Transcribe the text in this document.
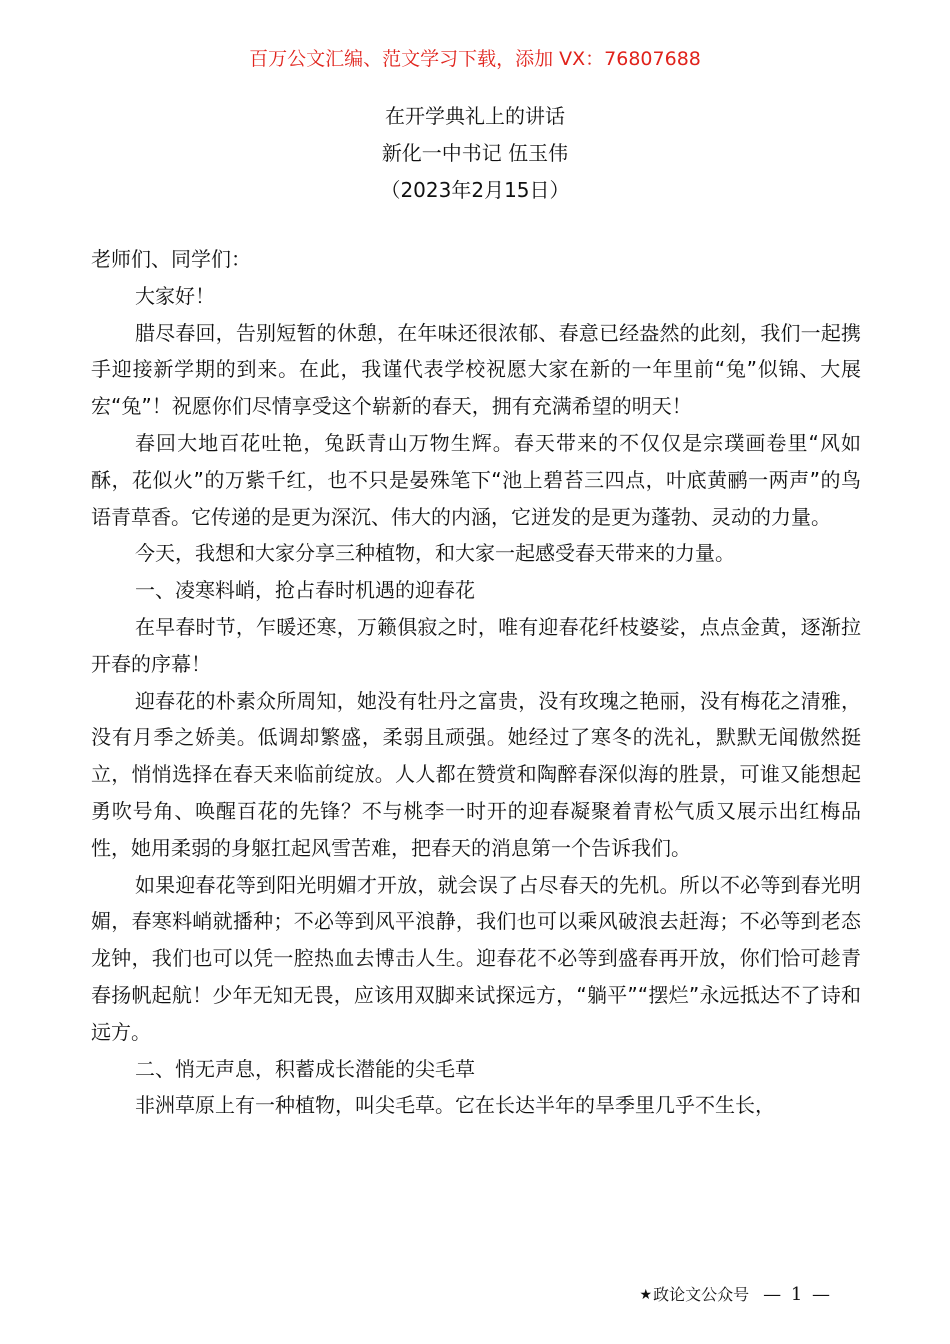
百万公文汇编、范文学习下载，添加 VX：76807688
在开学典礼上的讲话
新化一中书记 伍玉伟
（2023年2月15日）

老师们、同学们：

大家好！

腊尽春回，告别短暂的休憩，在年味还很浓郁、春意已经盎然的此刻，我们一起携手迎接新学期的到来。在此，我谨代表学校祝愿大家在新的一年里前“兔”似锦、大展宏“兔”！祝愿你们尽情享受这个崭新的春天，拥有充满希望的明天！

春回大地百花吐艳，兔跃青山万物生辉。春天带来的不仅仅是宗璞画卷里“风如酥，花似火”的万紫千红，也不只是晏殊笔下“池上碧苔三四点，叶底黄鹂一两声”的鸟语青草香。它传递的是更为深沉、伟大的内涵，它迸发的是更为蓬勃、灵动的力量。

今天，我想和大家分享三种植物，和大家一起感受春天带来的力量。

一、凌寒料峭，抢占春时机遇的迎春花

在早春时节，乍暖还寒，万籁俱寂之时，唯有迎春花纤枝婆娑，点点金黄，逐渐拉开春的序幕！

迎春花的朴素众所周知，她没有牡丹之富贵，没有玫瑰之艳丽，没有梅花之清雅，没有月季之娇美。低调却繁盛，柔弱且顽强。她经过了寒冬的洗礼，默默无闻傲然挺立，悄悄选择在春天来临前绽放。人人都在赞赏和陶醉春深似海的胜景，可谁又能想起勇吹号角、唤醒百花的先锋？不与桃李一时开的迎春凝聚着青松气质又展示出红梅品性，她用柔弱的身躯扛起风雪苦难，把春天的消息第一个告诉我们。

如果迎春花等到阳光明媚才开放，就会误了占尽春天的先机。所以不必等到春光明媚，春寒料峭就播种；不必等到风平浪静，我们也可以乘风破浪去赶海；不必等到老态龙钟，我们也可以凭一腔热血去博击人生。迎春花不必等到盛春再开放，你们恰可趁青春扬帆起航！少年无知无畏，应该用双脚来试探远方，“躺平”“摆烂”永远抵达不了诗和远方。

二、悄无声息，积蓄成长潜能的尖毛草

非洲草原上有一种植物，叫尖毛草。它在长达半年的旱季里几乎不生长，

★ 政论文公众号 — 1 —
